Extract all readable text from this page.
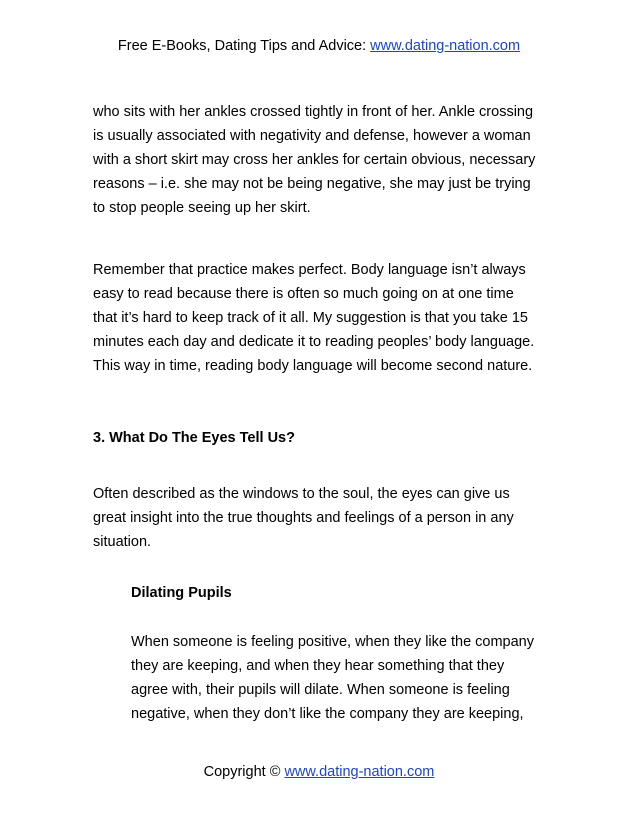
Free E-Books, Dating Tips and Advice: www.dating-nation.com
who sits with her ankles crossed tightly in front of her. Ankle crossing
is usually associated with negativity and defense, however a woman
with a short skirt may cross her ankles for certain obvious, necessary
reasons – i.e. she may not be being negative, she may just be trying
to stop people seeing up her skirt.
Remember that practice makes perfect. Body language isn’t always
easy to read because there is often so much going on at one time
that it’s hard to keep track of it all. My suggestion is that you take 15
minutes each day and dedicate it to reading peoples’ body language.
This way in time, reading body language will become second nature.
3. What Do The Eyes Tell Us?
Often described as the windows to the soul, the eyes can give us
great insight into the true thoughts and feelings of a person in any
situation.
Dilating Pupils
When someone is feeling positive, when they like the company
they are keeping, and when they hear something that they
agree with, their pupils will dilate. When someone is feeling
negative, when they don’t like the company they are keeping,
Copyright © www.dating-nation.com
